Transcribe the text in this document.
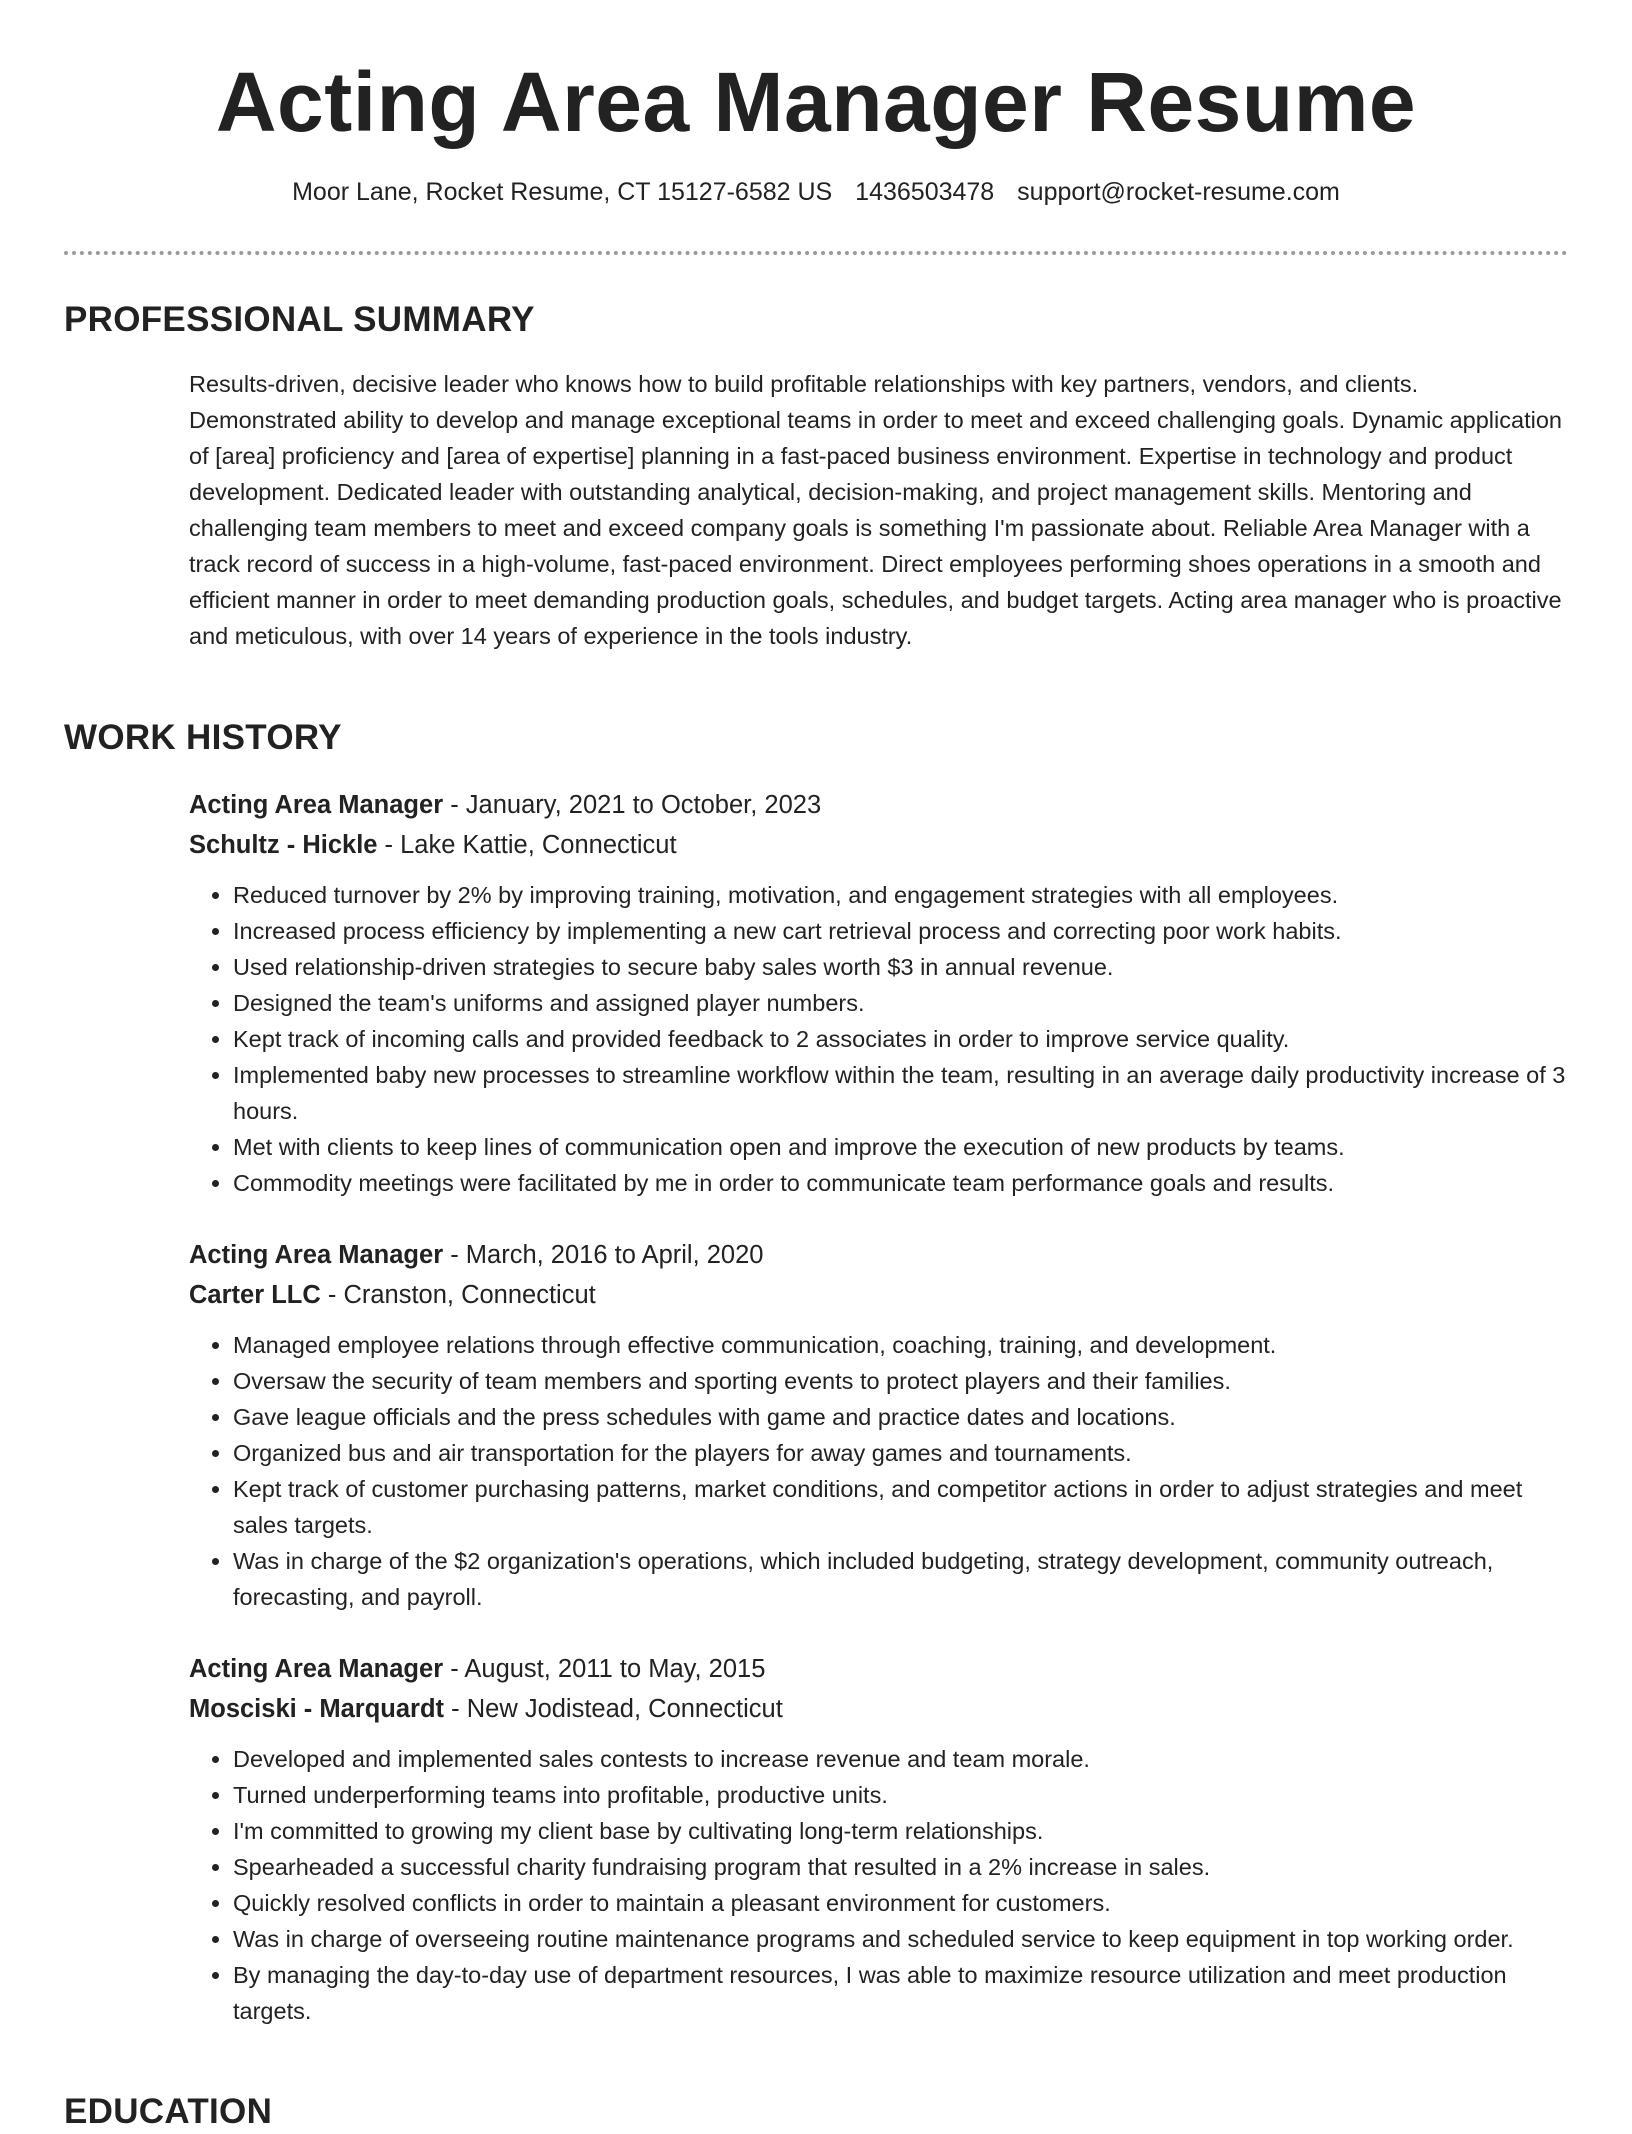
Acting Area Manager Resume
Moor Lane, Rocket Resume, CT 15127-6582 US 1436503478 support@rocket-resume.com
PROFESSIONAL SUMMARY

Results-driven, decisive leader who knows how to build profitable relationships with key partners, vendors, and clients. Demonstrated ability to develop and manage exceptional teams in order to meet and exceed challenging goals. Dynamic application of [area] proficiency and [area of expertise] planning in a fast-paced business environment. Expertise in technology and product development. Dedicated leader with outstanding analytical, decision-making, and project management skills. Mentoring and challenging team members to meet and exceed company goals is something I'm passionate about. Reliable Area Manager with a track record of success in a high-volume, fast-paced environment. Direct employees performing shoes operations in a smooth and efficient manner in order to meet demanding production goals, schedules, and budget targets. Acting area manager who is proactive and meticulous, with over 14 years of experience in the tools industry.

WORK HISTORY

Acting Area Manager - January, 2021 to October, 2023

Schultz - Hickle - Lake Kattie, Connecticut

• Reduced turnover by 2% by improving training, motivation, and engagement strategies with all employees.
• Increased process efficiency by implementing a new cart retrieval process and correcting poor work habits.
• Used relationship-driven strategies to secure baby sales worth $3 in annual revenue.
• Designed the team's uniforms and assigned player numbers.
• Kept track of incoming calls and provided feedback to 2 associates in order to improve service quality.
• Implemented baby new processes to streamline workflow within the team, resulting in an average daily productivity increase of 3 hours.
• Met with clients to keep lines of communication open and improve the execution of new products by teams.
• Commodity meetings were facilitated by me in order to communicate team performance goals and results.

Acting Area Manager - March, 2016 to April, 2020

Carter LLC - Cranston, Connecticut

• Managed employee relations through effective communication, coaching, training, and development.
• Oversaw the security of team members and sporting events to protect players and their families.
• Gave league officials and the press schedules with game and practice dates and locations.
• Organized bus and air transportation for the players for away games and tournaments.
• Kept track of customer purchasing patterns, market conditions, and competitor actions in order to adjust strategies and meet sales targets.
• Was in charge of the $2 organization's operations, which included budgeting, strategy development, community outreach, forecasting, and payroll.

Acting Area Manager - August, 2011 to May, 2015

Mosciski - Marquardt - New Jodistead, Connecticut

• Developed and implemented sales contests to increase revenue and team morale.
• Turned underperforming teams into profitable, productive units.
• I'm committed to growing my client base by cultivating long-term relationships.
• Spearheaded a successful charity fundraising program that resulted in a 2% increase in sales.
• Quickly resolved conflicts in order to maintain a pleasant environment for customers.
• Was in charge of overseeing routine maintenance programs and scheduled service to keep equipment in top working order.
• By managing the day-to-day use of department resources, I was able to maximize resource utilization and meet production targets.
EDUCATION
